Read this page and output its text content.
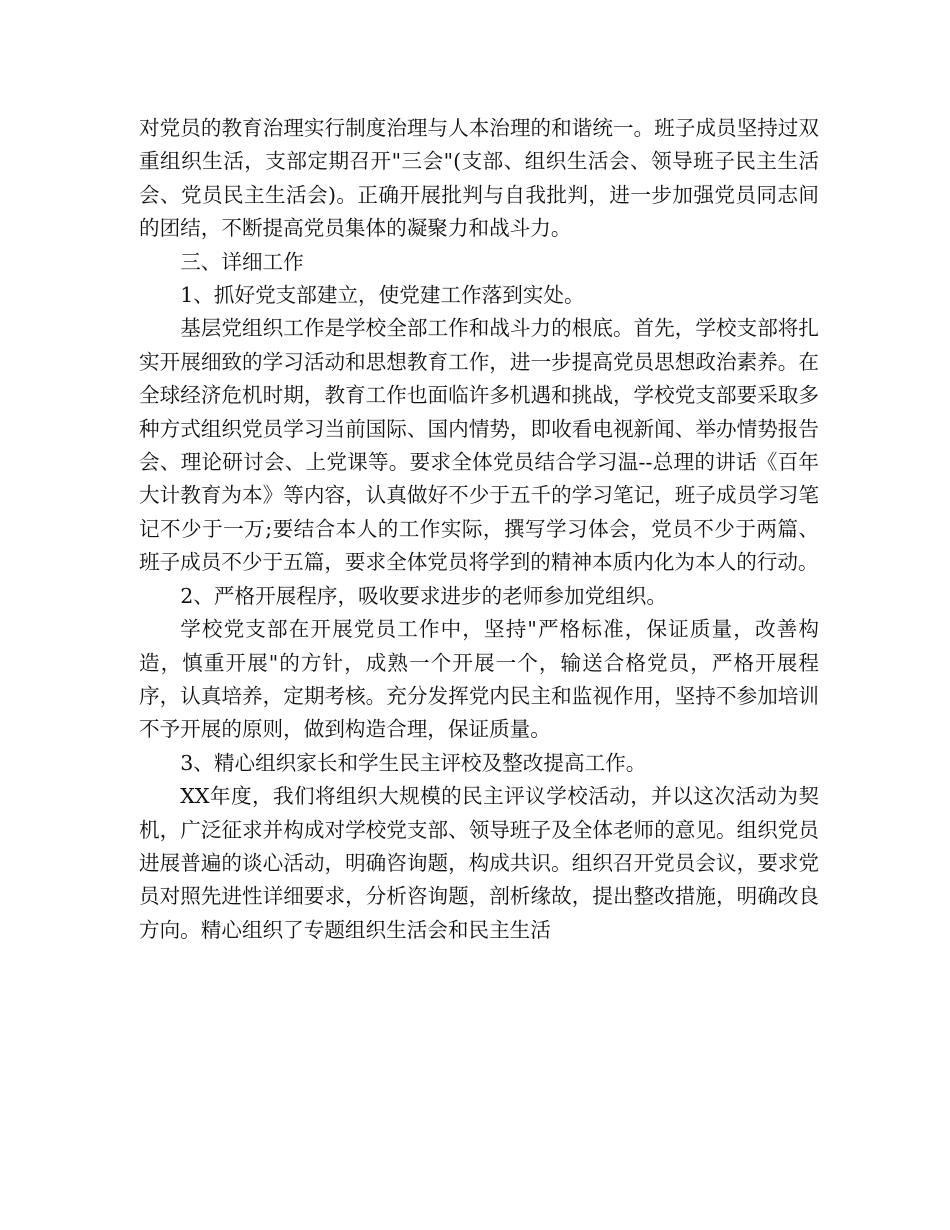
对党员的教育治理实行制度治理与人本治理的和谐统一。班子成员坚持过双重组织生活，支部定期召开"三会"(支部、组织生活会、领导班子民主生活会、党员民主生活会)。正确开展批判与自我批判，进一步加强党员同志间的团结，不断提高党员集体的凝聚力和战斗力。

三、详细工作

1、抓好党支部建立，使党建工作落到实处。

基层党组织工作是学校全部工作和战斗力的根底。首先，学校支部将扎实开展细致的学习活动和思想教育工作，进一步提高党员思想政治素养。在全球经济危机时期，教育工作也面临许多机遇和挑战，学校党支部要采取多种方式组织党员学习当前国际、国内情势，即收看电视新闻、举办情势报告会、理论研讨会、上党课等。要求全体党员结合学习温--总理的讲话《百年大计教育为本》等内容，认真做好不少于五千的学习笔记，班子成员学习笔记不少于一万;要结合本人的工作实际，撰写学习体会，党员不少于两篇、班子成员不少于五篇，要求全体党员将学到的精神本质内化为本人的行动。

2、严格开展程序，吸收要求进步的老师参加党组织。

学校党支部在开展党员工作中，坚持"严格标准，保证质量，改善构造，慎重开展"的方针，成熟一个开展一个，输送合格党员，严格开展程序，认真培养，定期考核。充分发挥党内民主和监视作用，坚持不参加培训不予开展的原则，做到构造合理，保证质量。

3、精心组织家长和学生民主评校及整改提高工作。

XX年度，我们将组织大规模的民主评议学校活动，并以这次活动为契机，广泛征求并构成对学校党支部、领导班子及全体老师的意见。组织党员进展普遍的谈心活动，明确咨询题，构成共识。组织召开党员会议，要求党员对照先进性详细要求，分析咨询题，剖析缘故，提出整改措施，明确改良方向。精心组织了专题组织生活会和民主生活
